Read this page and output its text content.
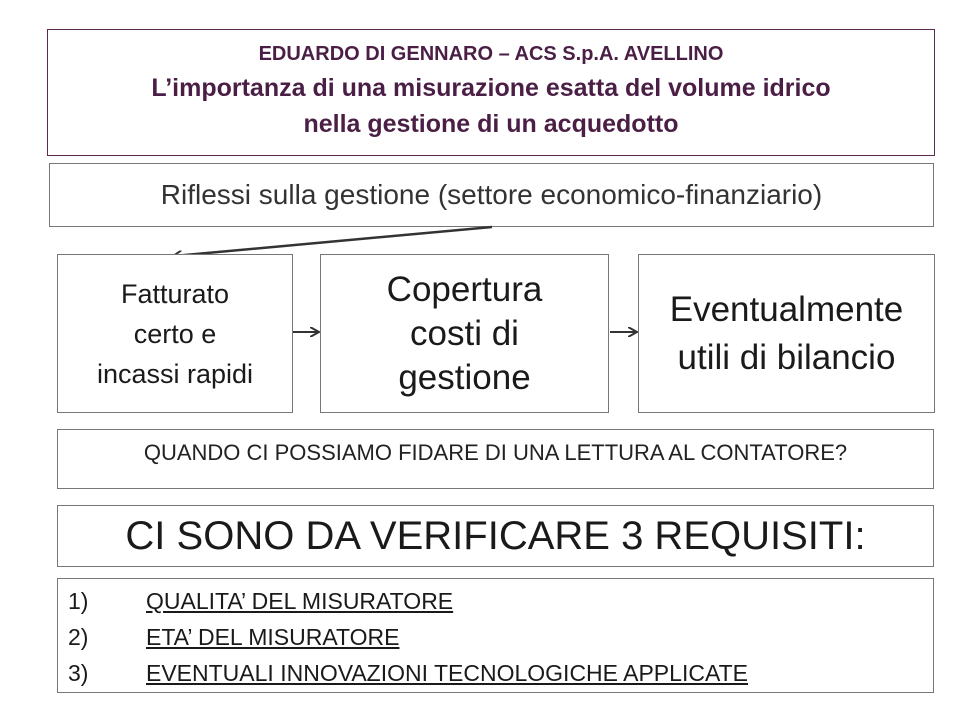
EDUARDO DI GENNARO – ACS S.p.A. AVELLINO
L’importanza di una misurazione esatta del volume idrico
nella gestione di un acquedotto
Riflessi sulla gestione (settore economico-finanziario)
Fatturato
certo e
incassi rapidi
Copertura
costi di
gestione
Eventualmente
utili di bilancio
QUANDO CI POSSIAMO FIDARE DI UNA LETTURA AL CONTATORE?
CI SONO DA VERIFICARE 3 REQUISITI:
1)	QUALITA’ DEL MISURATORE
2)	ETA’ DEL MISURATORE
3)	EVENTUALI INNOVAZIONI TECNOLOGICHE APPLICATE
